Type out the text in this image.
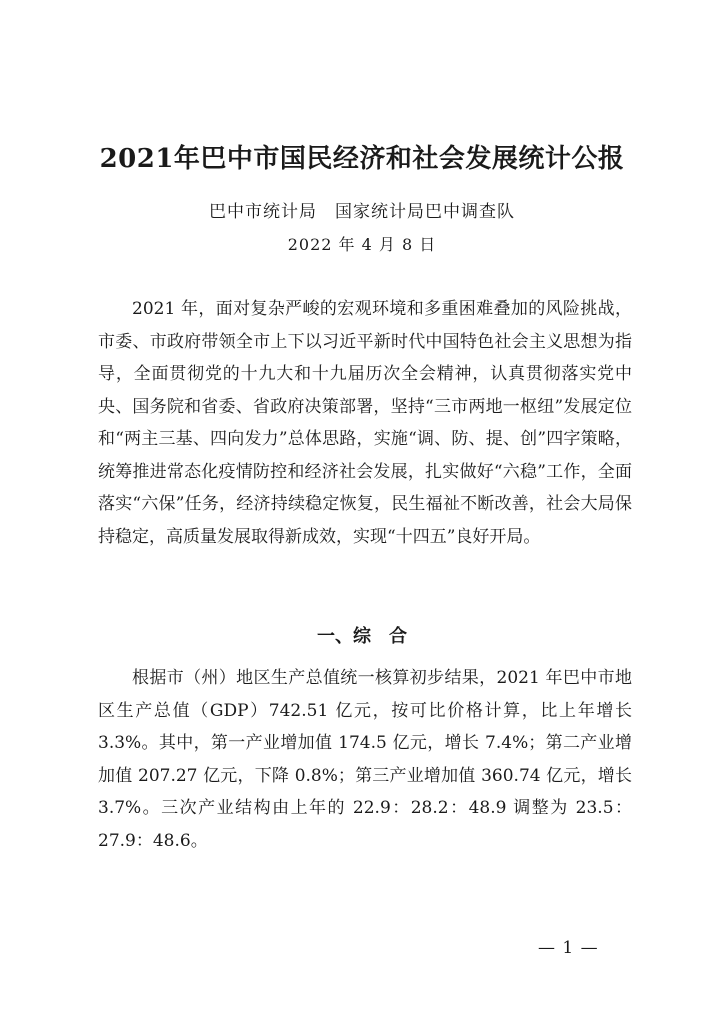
2021年巴中市国民经济和社会发展统计公报
巴中市统计局 国家统计局巴中调查队
2022 年 4 月 8 日

2021 年，面对复杂严峻的宏观环境和多重困难叠加的风险挑战，市委、市政府带领全市上下以习近平新时代中国特色社会主义思想为指导，全面贯彻党的十九大和十九届历次全会精神，认真贯彻落实党中央、国务院和省委、省政府决策部署，坚持“三市两地一枢纽”发展定位和“两主三基、四向发力”总体思路，实施“调、防、提、创”四字策略，统筹推进常态化疫情防控和经济社会发展，扎实做好“六稳”工作，全面落实“六保”任务，经济持续稳定恢复，民生福祉不断改善，社会大局保持稳定，高质量发展取得新成效，实现“十四五”良好开局。

一、综　合

根据市（州）地区生产总值统一核算初步结果，2021 年巴中市地区生产总值（GDP）742.51 亿元，按可比价格计算，比上年增长 3.3%。其中，第一产业增加值 174.5 亿元，增长 7.4%；第二产业增加值 207.27 亿元，下降 0.8%；第三产业增加值 360.74 亿元，增长 3.7%。三次产业结构由上年的 22.9：28.2：48.9 调整为 23.5：27.9：48.6。

— 1 —
